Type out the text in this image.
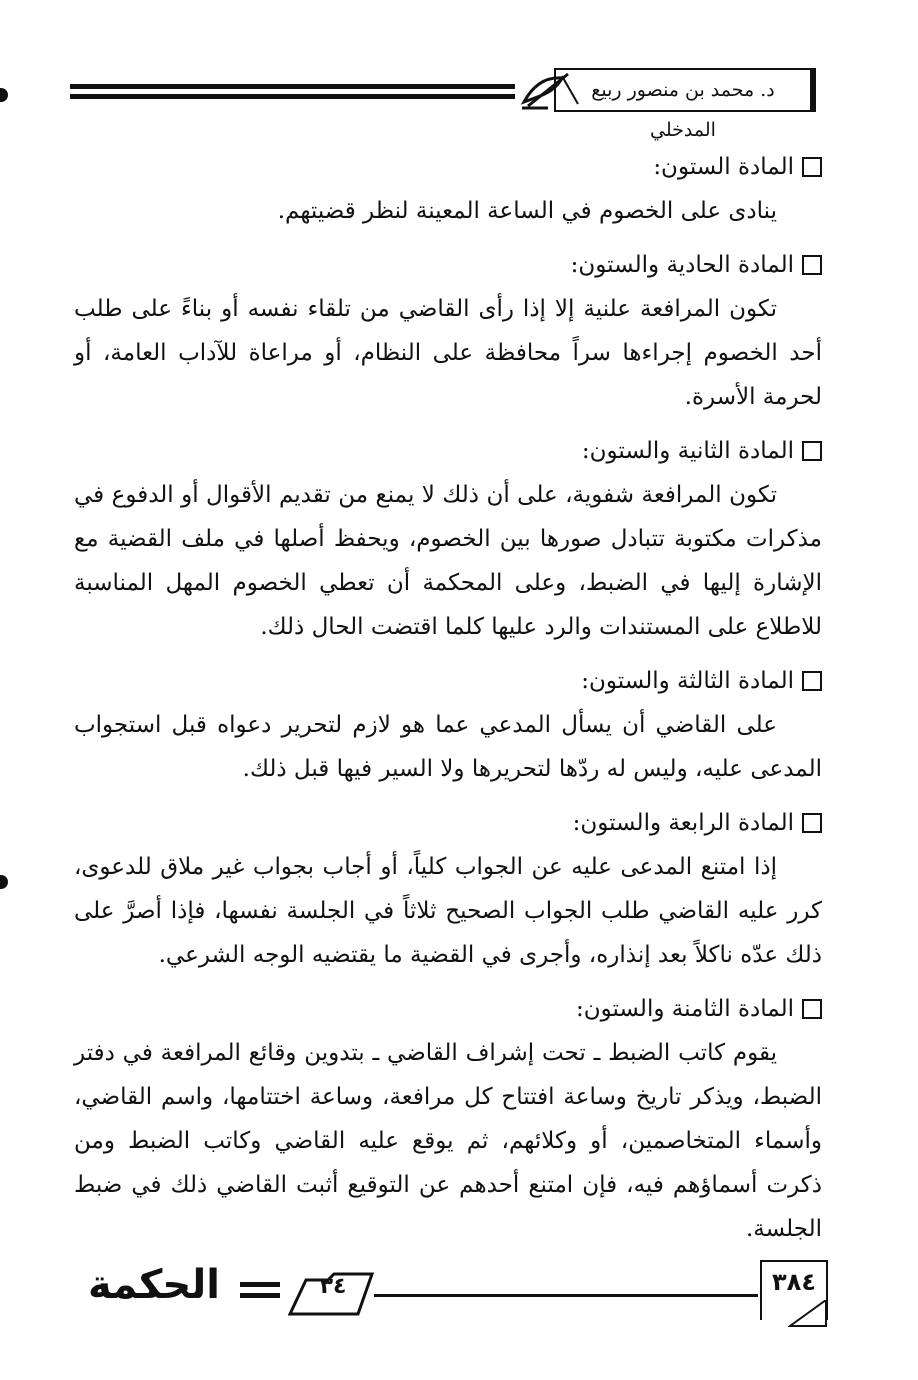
د. محمد بن منصور ربيع المدخلي
المادة الستون:

ينادى على الخصوم في الساعة المعينة لنظر قضيتهم.

المادة الحادية والستون:

تكون المرافعة علنية إلا إذا رأى القاضي من تلقاء نفسه أو بناءً على طلب أحد الخصوم إجراءها سراً محافظة على النظام، أو مراعاة للآداب العامة، أو لحرمة الأسرة.

المادة الثانية والستون:

تكون المرافعة شفوية، على أن ذلك لا يمنع من تقديم الأقوال أو الدفوع في مذكرات مكتوبة تتبادل صورها بين الخصوم، ويحفظ أصلها في ملف القضية مع الإشارة إليها في الضبط، وعلى المحكمة أن تعطي الخصوم المهل المناسبة للاطلاع على المستندات والرد عليها كلما اقتضت الحال ذلك.

المادة الثالثة والستون:

على القاضي أن يسأل المدعي عما هو لازم لتحرير دعواه قبل استجواب المدعى عليه، وليس له ردّها لتحريرها ولا السير فيها قبل ذلك.

المادة الرابعة والستون:

إذا امتنع المدعى عليه عن الجواب كلياً، أو أجاب بجواب غير ملاق للدعوى، كرر عليه القاضي طلب الجواب الصحيح ثلاثاً في الجلسة نفسها، فإذا أصرَّ على ذلك عدّه ناكلاً بعد إنذاره، وأجرى في القضية ما يقتضيه الوجه الشرعي.

المادة الثامنة والستون:

يقوم كاتب الضبط ـ تحت إشراف القاضي ـ بتدوين وقائع المرافعة في دفتر الضبط، ويذكر تاريخ وساعة افتتاح كل مرافعة، وساعة اختتامها، واسم القاضي، وأسماء المتخاصمين، أو وكلائهم، ثم يوقع عليه القاضي وكاتب الضبط ومن ذكرت أسماؤهم فيه، فإن امتنع أحدهم عن التوقيع أثبت القاضي ذلك في ضبط الجلسة.

الحكمة	٣٤	٣٨٤
